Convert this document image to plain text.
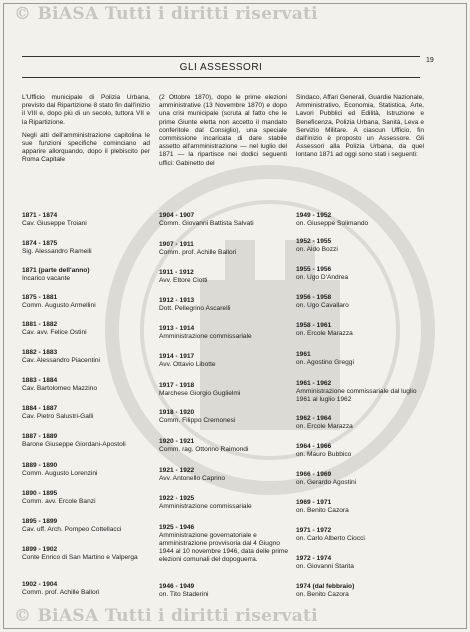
© BiASA Tutti i diritti riservati
© BiASA Tutti i diritti riservati
19
GLI ASSESSORI

L'Ufficio municipale di Polizia Urbana, previsto dal Ripartizione 8 stato fin dall'inizio il VIII e, dopo più di un secolo, tuttora VII e la Ripartizione.

Negli atti dell'amministrazione capitolina le sue funzioni specifiche cominciano ad apparire allorquando, dopo il plebiscito per Roma Capitale

(2 Ottobre 1870), dopo le prime elezioni amministrative (13 Novembre 1870) e dopo una crisi municipale (scruta al fatto che le prime Giunte eletta non accetto il mandato conferitole dal Consiglio), una speciale commissione incaricata di dare stabile assetto all'amministrazione — nel luglio del 1871 — la ripartisce nei dodici seguenti uffici: Gabinetto del

Sindaco, Affari Generali, Guardie Nazionale, Amministrativo, Economia, Statistica, Arte, Lavori Pubblici ed Edilità, Istruzione e Beneficenza, Polizia Urbana, Sanità, Leva e Servizio Militare. A ciascun Ufficio, fin dall'inizio è proposto un Assessore. Gli Assessori alla Polizia Urbana, da quel lontano 1871 ad oggi sono stati i seguenti:

1871 - 1874
Cav. Giuseppe Troiani
1874 - 1875
Sig. Alessandro Rameili
1871 (parte dell'anno)
Incarico vacante
1875 - 1881
Comm. Augusto Armellini
1881 - 1882
Cav. avv. Felice Ostini
1882 - 1883
Cav. Alessandro Piacentini
1883 - 1884
Cav. Bartolomeo Mazzino
1884 - 1887
Cav. Pietro Salustri-Galli
1887 - 1889
Barone Giuseppe Giordani-Apostoli
1889 - 1890
Comm. Augusto Lorenzini
1890 - 1895
Comm. avv. Ercole Banzi
1895 - 1899
Cav. uff. Arch. Pompeo Cottellacci
1899 - 1902
Conte Enrico di San Martino e Valperga
1902 - 1904
Comm. prof. Achille Ballori
1904 - 1907
Comm. Giovanni Battista Salvati
1907 - 1911
Comm. prof. Achille Ballori
1911 - 1912
Avv. Ettore Ciotti
1912 - 1913
Dott. Pellegrino Ascarelli
1913 - 1914
Amministrazione commissariale
1914 - 1917
Avv. Ottavio Libotte
1917 - 1918
Marchese Giorgio Guglielmi
1918 - 1920
Comm. Filippo Cremonesi
1920 - 1921
Comm. rag. Ottorino Raimondi
1921 - 1922
Avv. Antonello Caprino
1922 - 1925
Amministrazione commissariale
1925 - 1946
Amministrazione governatoriale e amministrazione provvisoria dal 4 Giugno 1944 al 10 novembre 1946, data delle prime elezioni comunali del dopoguerra.
1946 - 1949
on. Tito Staderini
1949 - 1952
on. Giuseppe Solimando
1952 - 1955
on. Aldo Bozzi
1955 - 1956
on. Ugo D'Andrea
1956 - 1958
on. Ugo Cavallaro
1958 - 1961
on. Ercole Marazza
1961
on. Agostino Greggi
1961 - 1962
Amministrazione commissariale dal luglio 1961 al luglio 1962
1962 - 1964
on. Ercole Marazza
1964 - 1966
on. Mauro Bubbico
1966 - 1969
on. Gerardo Agostini
1969 - 1971
on. Benito Cazora
1971 - 1972
on. Carlo Alberto Ciocci
1972 - 1974
on. Giovanni Starita
1974 (dal febbraio)
on. Benito Cazora
